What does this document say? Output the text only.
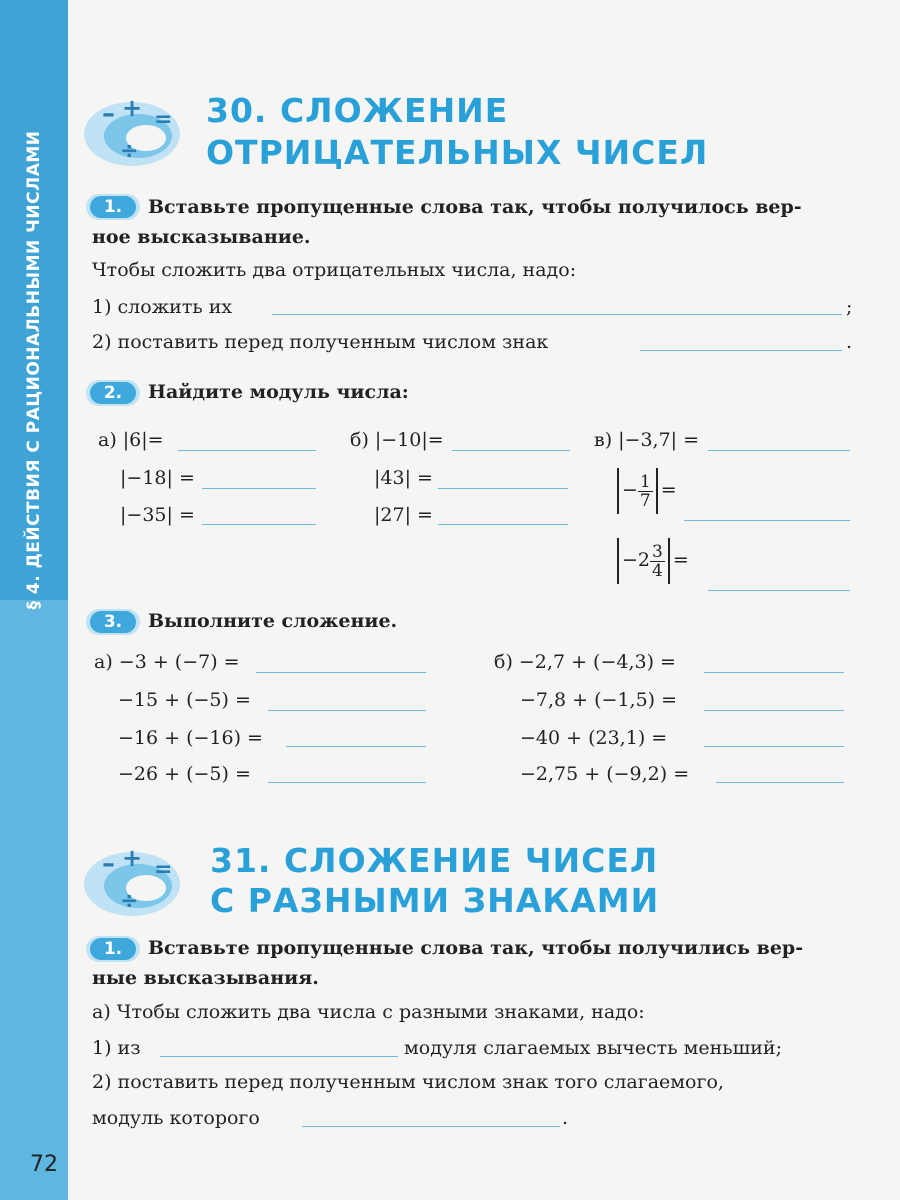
§ 4. ДЕЙСТВИЯ С РАЦИОНАЛЬНЫМИ ЧИСЛАМИ
72
– + =
÷
30. СЛОЖЕНИЕ
ОТРИЦАТЕЛЬНЫХ ЧИСЕЛ
1.	Вставьте пропущенные слова так, чтобы получилось вер-
ное высказывание.
Чтобы сложить два отрицательных числа, надо:
1) сложить их	;
2) поставить перед полученным числом знак	.
2.	Найдите модуль числа:
а) |6|=
|−18| =
|−35| =
б) |−10|=
|43| =
|27| =
в) |−3,7| =
− $\frac{1}{7}$ =
$-2 \frac{3}{4}$ =
3.	Выполните сложение.
а) −3 + (−7) =
−15 + (−5) =
−16 + (−16) =
−26 + (−5) =
б) −2,7 + (−4,3) =
−7,8 + (−1,5) =
−40 + (23,1) =
−2,75 + (−9,2) =
– + =
÷
31. СЛОЖЕНИЕ ЧИСЕЛ
С РАЗНЫМИ ЗНАКАМИ
1.	Вставьте пропущенные слова так, чтобы получились вер-
ные высказывания.
а) Чтобы сложить два числа с разными знаками, надо:
1) из	модуля слагаемых вычесть меньший;
2) поставить перед полученным числом знак того слагаемого,
модуль которого	.
